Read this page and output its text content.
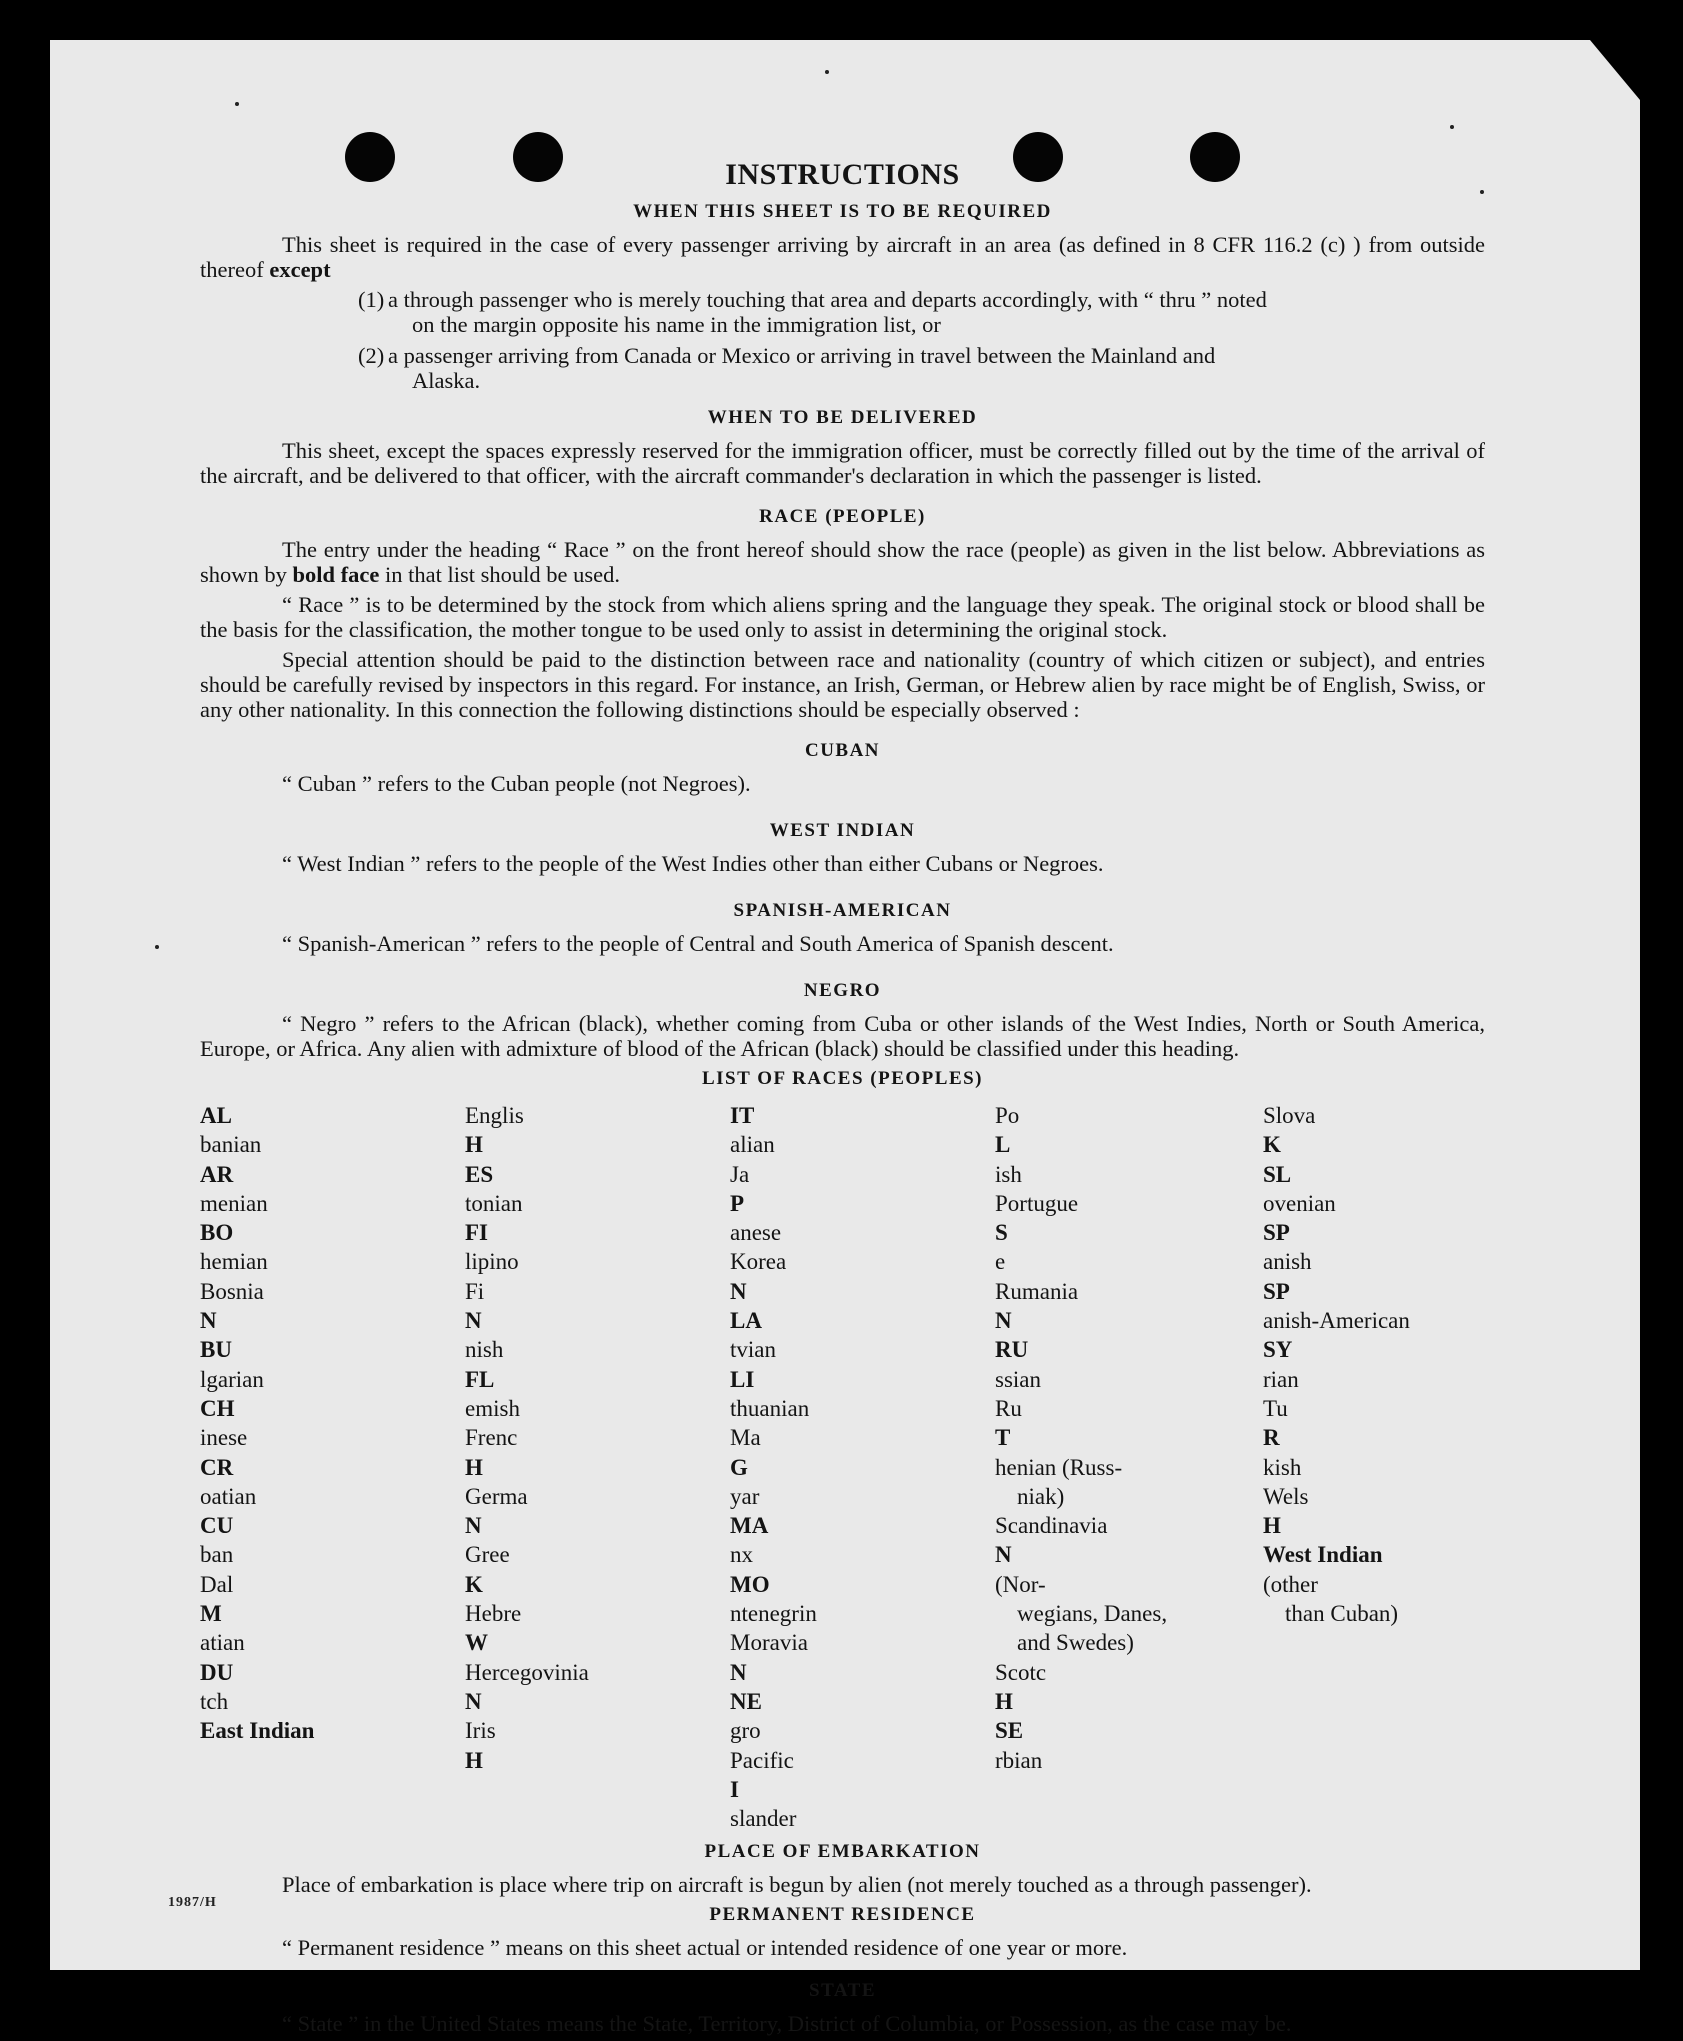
INSTRUCTIONS
WHEN THIS SHEET IS TO BE REQUIRED

This sheet is required in the case of every passenger arriving by aircraft in an area (as defined in 8 CFR 116.2 (c) ) from outside thereof except

(1) a through passenger who is merely touching that area and departs accordingly, with “ thru ” noted
on the margin opposite his name in the immigration list, or
(2) a passenger arriving from Canada or Mexico or arriving in travel between the Mainland and
Alaska.
WHEN TO BE DELIVERED

This sheet, except the spaces expressly reserved for the immigration officer, must be correctly filled out by the time of the arrival of the aircraft, and be delivered to that officer, with the aircraft commander's declaration in which the passenger is listed.

RACE (PEOPLE)

The entry under the heading “ Race ” on the front hereof should show the race (people) as given in the list below. Abbreviations as shown by bold face in that list should be used.

“ Race ” is to be determined by the stock from which aliens spring and the language they speak. The original stock or blood shall be the basis for the classification, the mother tongue to be used only to assist in determining the original stock.

Special attention should be paid to the distinction between race and nationality (country of which citizen or subject), and entries should be carefully revised by inspectors in this regard. For instance, an Irish, German, or Hebrew alien by race might be of English, Swiss, or any other nationality. In this connection the following distinctions should be especially observed :

CUBAN
“ Cuban ” refers to the Cuban people (not Negroes).
WEST INDIAN
“ West Indian ” refers to the people of the West Indies other than either Cubans or Negroes.
SPANISH-AMERICAN
“ Spanish-American ” refers to the people of Central and South America of Spanish descent.
NEGRO

“ Negro ” refers to the African (black), whether coming from Cuba or other islands of the West Indies, North or South America, Europe, or Africa. Any alien with admixture of blood of the African (black) should be classified under this heading.

LIST OF RACES (PEOPLES)
AL
banian
AR
menian
BO
hemian
Bosnia
N
BU
lgarian
CH
inese
CR
oatian
CU
ban
Dal
M
atian
DU
tch
East Indian
Englis
H
ES
tonian
FI
lipino
Fi
N
nish
FL
emish
Frenc
H
Germa
N
Gree
K
Hebre
W
Hercegovinia
N
Iris
H
IT
alian
Ja
P
anese
Korea
N
LA
tvian
LI
thuanian
Ma
G
yar
MA
nx
MO
ntenegrin
Moravia
N
NE
gro
Pacific
I
slander
Po
L
ish
Portugue
S
e
Rumania
N
RU
ssian
Ru
T
henian (Russ-
niak)
Scandinavia
N
(Nor-
wegians, Danes,
and Swedes)
Scotc
H
SE
rbian
Slova
K
SL
ovenian
SP
anish
SP
anish-American
SY
rian
Tu
R
kish
Wels
H
West Indian
(other
than Cuban)
PLACE OF EMBARKATION

Place of embarkation is place where trip on aircraft is begun by alien (not merely touched as a through passenger).

PERMANENT RESIDENCE
“ Permanent residence ” means on this sheet actual or intended residence of one year or more.
STATE

“ State ” in the United States means the State, Territory, District of Columbia, or Possession, as the case may be.

1987/H
